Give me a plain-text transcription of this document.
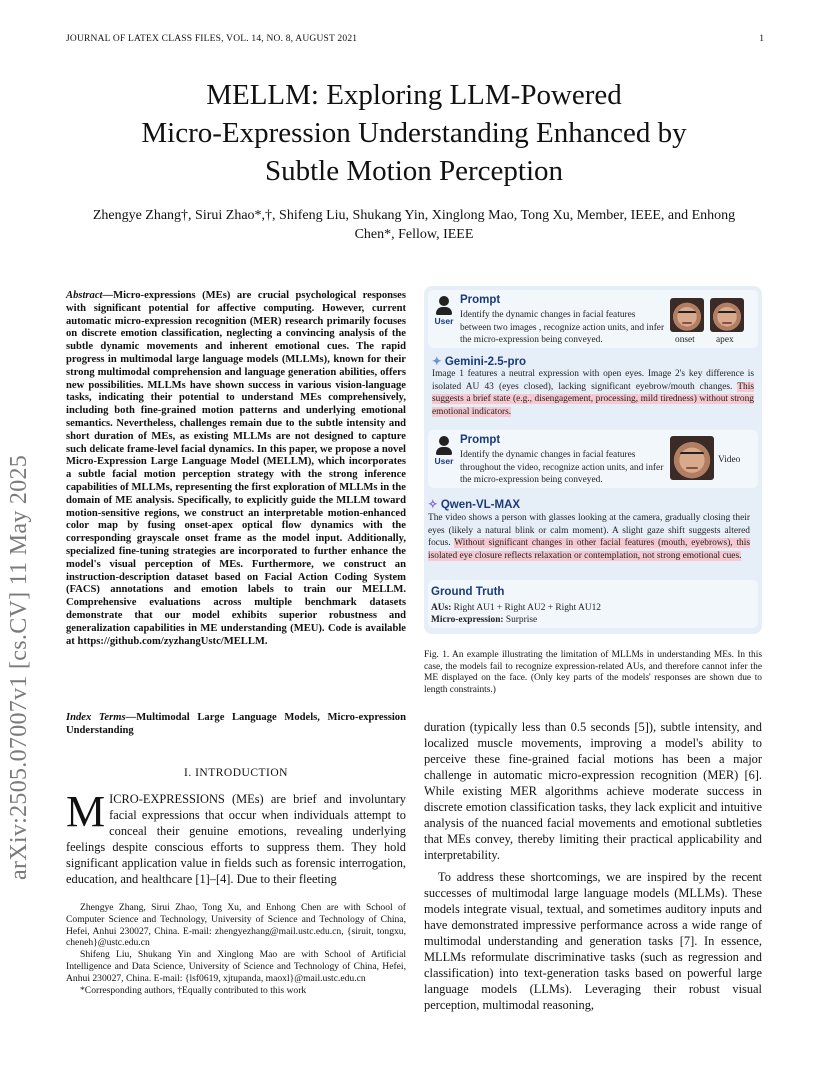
JOURNAL OF LATEX CLASS FILES, VOL. 14, NO. 8, AUGUST 2021	1
MELLM: Exploring LLM-Powered
Micro-Expression Understanding Enhanced by
Subtle Motion Perception
Zhengye Zhang†, Sirui Zhao*,†, Shifeng Liu, Shukang Yin, Xinglong Mao, Tong Xu, Member, IEEE, and Enhong
Chen*, Fellow, IEEE
arXiv:2505.07007v1 [cs.CV] 11 May 2025
Abstract—Micro-expressions (MEs) are crucial psychological responses with significant potential for affective computing. However, current automatic micro-expression recognition (MER) research primarily focuses on discrete emotion classification, neglecting a convincing analysis of the subtle dynamic movements and inherent emotional cues. The rapid progress in multimodal large language models (MLLMs), known for their strong multimodal comprehension and language generation abilities, offers new possibilities. MLLMs have shown success in various vision-language tasks, indicating their potential to understand MEs comprehensively, including both fine-grained motion patterns and underlying emotional semantics. Nevertheless, challenges remain due to the subtle intensity and short duration of MEs, as existing MLLMs are not designed to capture such delicate frame-level facial dynamics. In this paper, we propose a novel Micro-Expression Large Language Model (MELLM), which incorporates a subtle facial motion perception strategy with the strong inference capabilities of MLLMs, representing the first exploration of MLLMs in the domain of ME analysis. Specifically, to explicitly guide the MLLM toward motion-sensitive regions, we construct an interpretable motion-enhanced color map by fusing onset-apex optical flow dynamics with the corresponding grayscale onset frame as the model input. Additionally, specialized fine-tuning strategies are incorporated to further enhance the model's visual perception of MEs. Furthermore, we construct an instruction-description dataset based on Facial Action Coding System (FACS) annotations and emotion labels to train our MELLM. Comprehensive evaluations across multiple benchmark datasets demonstrate that our model exhibits superior robustness and generalization capabilities in ME understanding (MEU). Code is available at https://github.com/zyzhangUstc/MELLM.
Index Terms—Multimodal Large Language Models, Micro-expression Understanding
I. INTRODUCTION
MICRO-EXPRESSIONS (MEs) are brief and involuntary facial expressions that occur when individuals attempt to conceal their genuine emotions, revealing underlying feelings despite conscious efforts to suppress them. They hold significant application value in fields such as forensic interrogation, education, and healthcare [1]–[4]. Due to their fleeting

Zhengye Zhang, Sirui Zhao, Tong Xu, and Enhong Chen are with School of Computer Science and Technology, University of Science and Technology of China, Hefei, Anhui 230027, China. E-mail: zhengyezhang@mail.ustc.edu.cn, {siruit, tongxu, cheneh}@ustc.edu.cn

Shifeng Liu, Shukang Yin and Xinglong Mao are with School of Artificial Intelligence and Data Science, University of Science and Technology of China, Hefei, Anhui 230027, China. E-mail: {lsf0619, xjtupanda, maoxl}@mail.ustc.edu.cn

*Corresponding authors, †Equally contributed to this work

User
Prompt
Identify the dynamic changes in facial features between two images , recognize action units, and infer the micro-expression being conveyed.	onset apex
✦ Gemini-2.5-pro
Image 1 features a neutral expression with open eyes. Image 2's key difference is isolated AU 43 (eyes closed), lacking significant eyebrow/mouth changes. This suggests a brief state (e.g., disengagement, processing, mild tiredness) without strong emotional indicators.
User
Prompt
Identify the dynamic changes in facial features throughout the video, recognize action units, and infer the micro-expression being conveyed.
Video
✧ Qwen-VL-MAX
The video shows a person with glasses looking at the camera, gradually closing their eyes (likely a natural blink or calm moment). A slight gaze shift suggests altered focus. Without significant changes in other facial features (mouth, eyebrows), this isolated eye closure reflects relaxation or contemplation, not strong emotional cues.
Ground Truth
AUs: Right AU1 + Right AU2 + Right AU12
Micro-expression: Surprise
Fig. 1. An example illustrating the limitation of MLLMs in understanding MEs. In this case, the models fail to recognize expression-related AUs, and therefore cannot infer the ME displayed on the face. (Only key parts of the models' responses are shown due to length constraints.)

duration (typically less than 0.5 seconds [5]), subtle intensity, and localized muscle movements, improving a model's ability to perceive these fine-grained facial motions has been a major challenge in automatic micro-expression recognition (MER) [6]. While existing MER algorithms achieve moderate success in discrete emotion classification tasks, they lack explicit and intuitive analysis of the nuanced facial movements and emotional subtleties that MEs convey, thereby limiting their practical applicability and interpretability.

To address these shortcomings, we are inspired by the recent successes of multimodal large language models (MLLMs). These models integrate visual, textual, and sometimes auditory inputs and have demonstrated impressive performance across a wide range of multimodal understanding and generation tasks [7]. In essence, MLLMs reformulate discriminative tasks (such as regression and classification) into text-generation tasks based on powerful large language models (LLMs). Leveraging their robust visual perception, multimodal reasoning,
